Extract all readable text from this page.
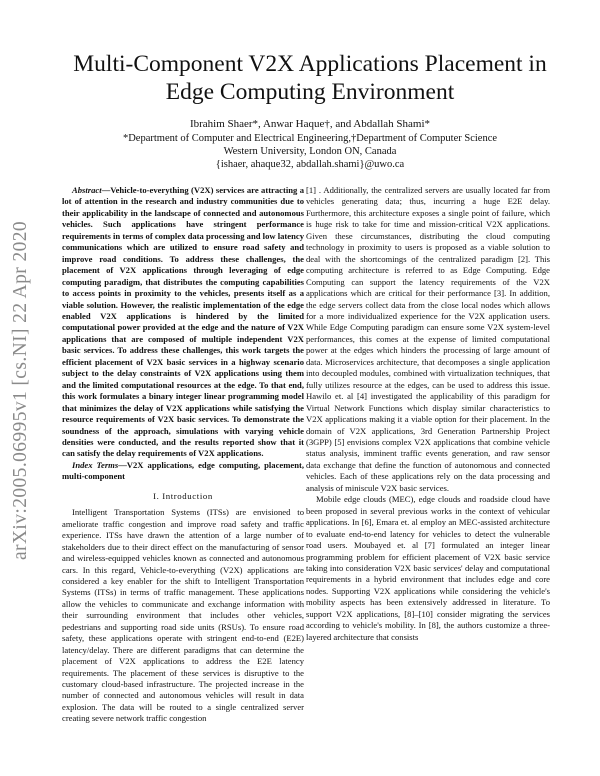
arXiv:2005.06995v1 [cs.NI] 22 Apr 2020
Multi-Component V2X Applications Placement in Edge Computing Environment
Ibrahim Shaer*, Anwar Haque†, and Abdallah Shami*
*Department of Computer and Electrical Engineering,†Department of Computer Science
Western University, London ON, Canada
{ishaer, ahaque32, abdallah.shami}@uwo.ca

Abstract—Vehicle-to-everything (V2X) services are attracting a lot of attention in the research and industry communities due to their applicability in the landscape of connected and autonomous vehicles. Such applications have stringent performance requirements in terms of complex data processing and low latency communications which are utilized to ensure road safety and improve road conditions. To address these challenges, the placement of V2X applications through leveraging of edge computing paradigm, that distributes the computing capabilities to access points in proximity to the vehicles, presents itself as a viable solution. However, the realistic implementation of the edge enabled V2X applications is hindered by the limited computational power provided at the edge and the nature of V2X applications that are composed of multiple independent V2X basic services. To address these challenges, this work targets the efficient placement of V2X basic services in a highway scenario subject to the delay constraints of V2X applications using them and the limited computational resources at the edge. To that end, this work formulates a binary integer linear programming model that minimizes the delay of V2X applications while satisfying the resource requirements of V2X basic services. To demonstrate the soundness of the approach, simulations with varying vehicle densities were conducted, and the results reported show that it can satisfy the delay requirements of V2X applications.

Index Terms—V2X applications, edge computing, placement, multi-component

I. Introduction

Intelligent Transportation Systems (ITSs) are envisioned to ameliorate traffic congestion and improve road safety and traffic experience. ITSs have drawn the attention of a large number of stakeholders due to their direct effect on the manufacturing of sensor and wireless-equipped vehicles known as connected and autonomous cars. In this regard, Vehicle-to-everything (V2X) applications are considered a key enabler for the shift to Intelligent Transportation Systems (ITSs) in terms of traffic management. These applications allow the vehicles to communicate and exchange information with their surrounding environment that includes other vehicles, pedestrians and supporting road side units (RSUs). To ensure road safety, these applications operate with stringent end-to-end (E2E) latency/delay. There are different paradigms that can determine the placement of V2X applications to address the E2E latency requirements. The placement of these services is disruptive to the customary cloud-based infrastructure. The projected increase in the number of connected and autonomous vehicles will result in data explosion. The data will be routed to a single centralized server creating severe network traffic congestion

[1] . Additionally, the centralized servers are usually located far from vehicles generating data; thus, incurring a huge E2E delay. Furthermore, this architecture exposes a single point of failure, which is huge risk to take for time and mission-critical V2X applications. Given these circumstances, distributing the cloud computing technology in proximity to users is proposed as a viable solution to deal with the shortcomings of the centralized paradigm [2]. This computing architecture is referred to as Edge Computing. Edge Computing can support the latency requirements of the V2X applications which are critical for their performance [3]. In addition, the edge servers collect data from the close local nodes which allows for a more individualized experience for the V2X application users. While Edge Computing paradigm can ensure some V2X system-level performances, this comes at the expense of limited computational power at the edges which hinders the processing of large amount of data. Microservices architecture, that decomposes a single application into decoupled modules, combined with virtualization techniques, that fully utilizes resource at the edges, can be used to address this issue. Hawilo et. al [4] investigated the applicability of this paradigm for Virtual Network Functions which display similar characteristics to V2X applications making it a viable option for their placement. In the domain of V2X applications, 3rd Generation Partnership Project (3GPP) [5] envisions complex V2X applications that combine vehicle status analysis, imminent traffic events generation, and raw sensor data exchange that define the function of autonomous and connected vehicles. Each of these applications rely on the data processing and analysis of miniscule V2X basic services.

Mobile edge clouds (MEC), edge clouds and roadside cloud have been proposed in several previous works in the context of vehicular applications. In [6], Emara et. al employ an MEC-assisted architecture to evaluate end-to-end latency for vehicles to detect the vulnerable road users. Moubayed et. al [7] formulated an integer linear programming problem for efficient placement of V2X basic service taking into consideration V2X basic services' delay and computational requirements in a hybrid environment that includes edge and core nodes. Supporting V2X applications while considering the vehicle's mobility aspects has been extensively addressed in literature. To support V2X applications, [8]–[10] consider migrating the services according to vehicle's mobility. In [8], the authors customize a three-layered architecture that consists
